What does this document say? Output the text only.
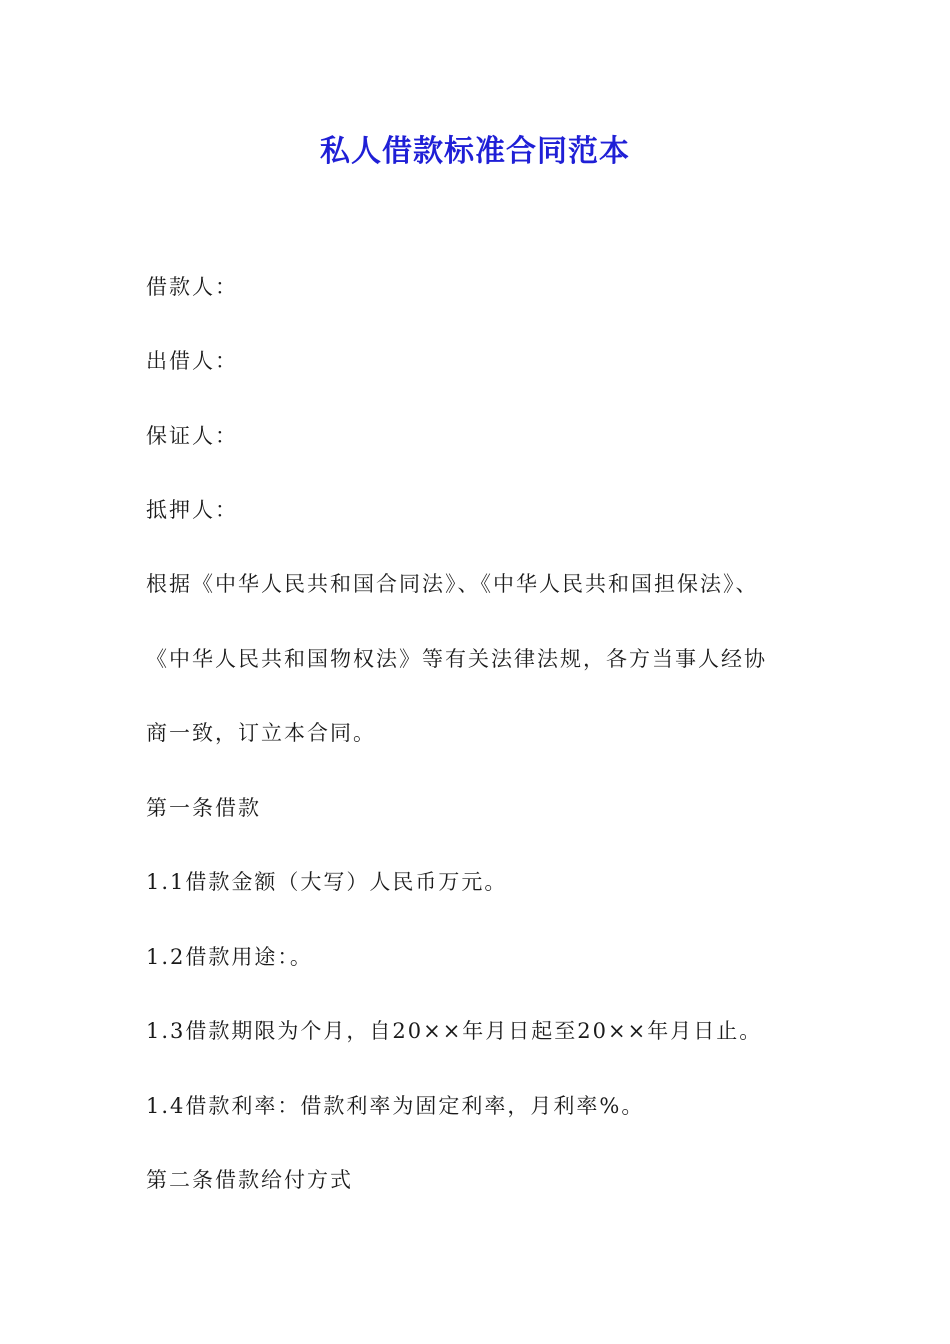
私人借款标准合同范本
借款人：
出借人：
保证人：
抵押人：
根据《中华人民共和国合同法》、《中华人民共和国担保法》、
《中华人民共和国物权法》等有关法律法规，各方当事人经协
商一致，订立本合同。
第一条借款
1.1借款金额（大写）人民币万元。
1.2借款用途：。
1.3借款期限为个月，自20××年月日起至20××年月日止。
1.4借款利率：借款利率为固定利率，月利率%。
第二条借款给付方式
